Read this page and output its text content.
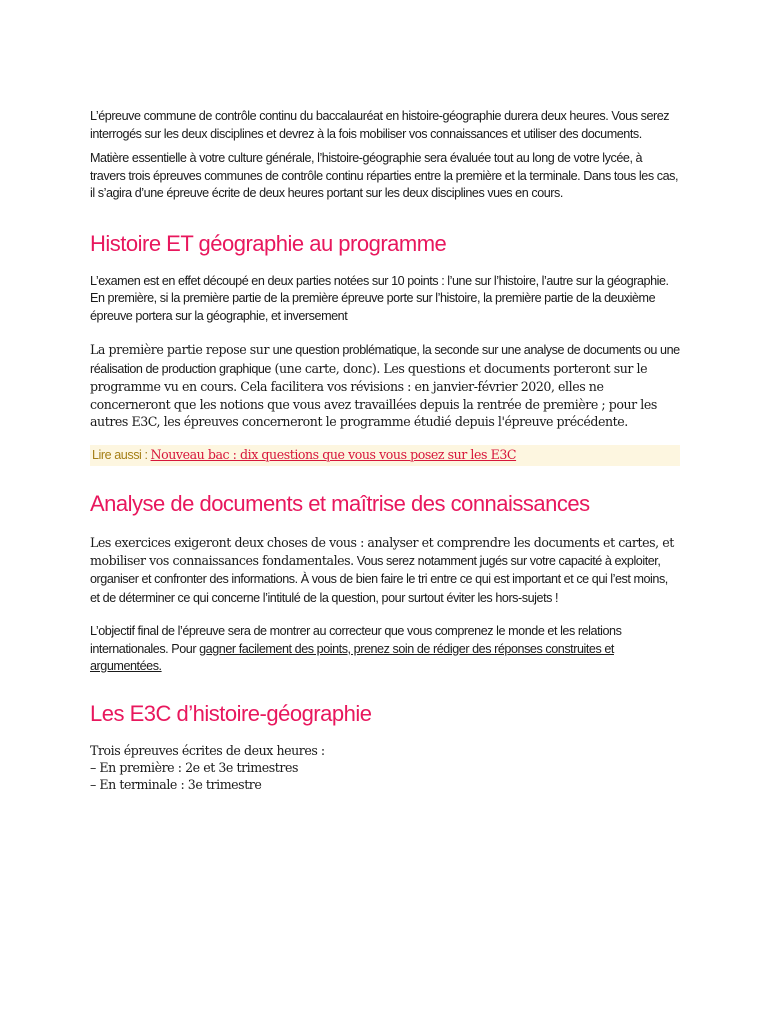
L’épreuve commune de contrôle continu du baccalauréat en histoire-géographie durera deux heures. Vous serez interrogés sur les deux disciplines et devrez à la fois mobiliser vos connaissances et utiliser des documents.

Matière essentielle à votre culture générale, l’histoire-géographie sera évaluée tout au long de votre lycée, à travers trois épreuves communes de contrôle continu réparties entre la première et la terminale. Dans tous les cas, il s’agira d’une épreuve écrite de deux heures portant sur les deux disciplines vues en cours.

Histoire ET géographie au programme

L’examen est en effet découpé en deux parties notées sur 10 points : l’une sur l’histoire, l’autre sur la géographie. En première, si la première partie de la première épreuve porte sur l’histoire, la première partie de la deuxième épreuve portera sur la géographie, et inversement

La première partie repose sur une question problématique, la seconde sur une analyse de documents ou une réalisation de production graphique (une carte, donc). Les questions et documents porteront sur le programme vu en cours. Cela facilitera vos révisions : en janvier-février 2020, elles ne concerneront que les notions que vous avez travaillées depuis la rentrée de première ; pour les autres E3C, les épreuves concerneront le programme étudié depuis l'épreuve précédente.

Lire aussi : Nouveau bac : dix questions que vous vous posez sur les E3C

Analyse de documents et maîtrise des connaissances

Les exercices exigeront deux choses de vous : analyser et comprendre les documents et cartes, et mobiliser vos connaissances fondamentales. Vous serez notamment jugés sur votre capacité à exploiter, organiser et confronter des informations. À vous de bien faire le tri entre ce qui est important et ce qui l’est moins, et de déterminer ce qui concerne l’intitulé de la question, pour surtout éviter les hors-sujets !

L’objectif final de l’épreuve sera de montrer au correcteur que vous comprenez le monde et les relations internationales. Pour gagner facilement des points, prenez soin de rédiger des réponses construites et argumentées.

Les E3C d’histoire-géographie

Trois épreuves écrites de deux heures :

– En première : 2e et 3e trimestres

– En terminale : 3e trimestre
